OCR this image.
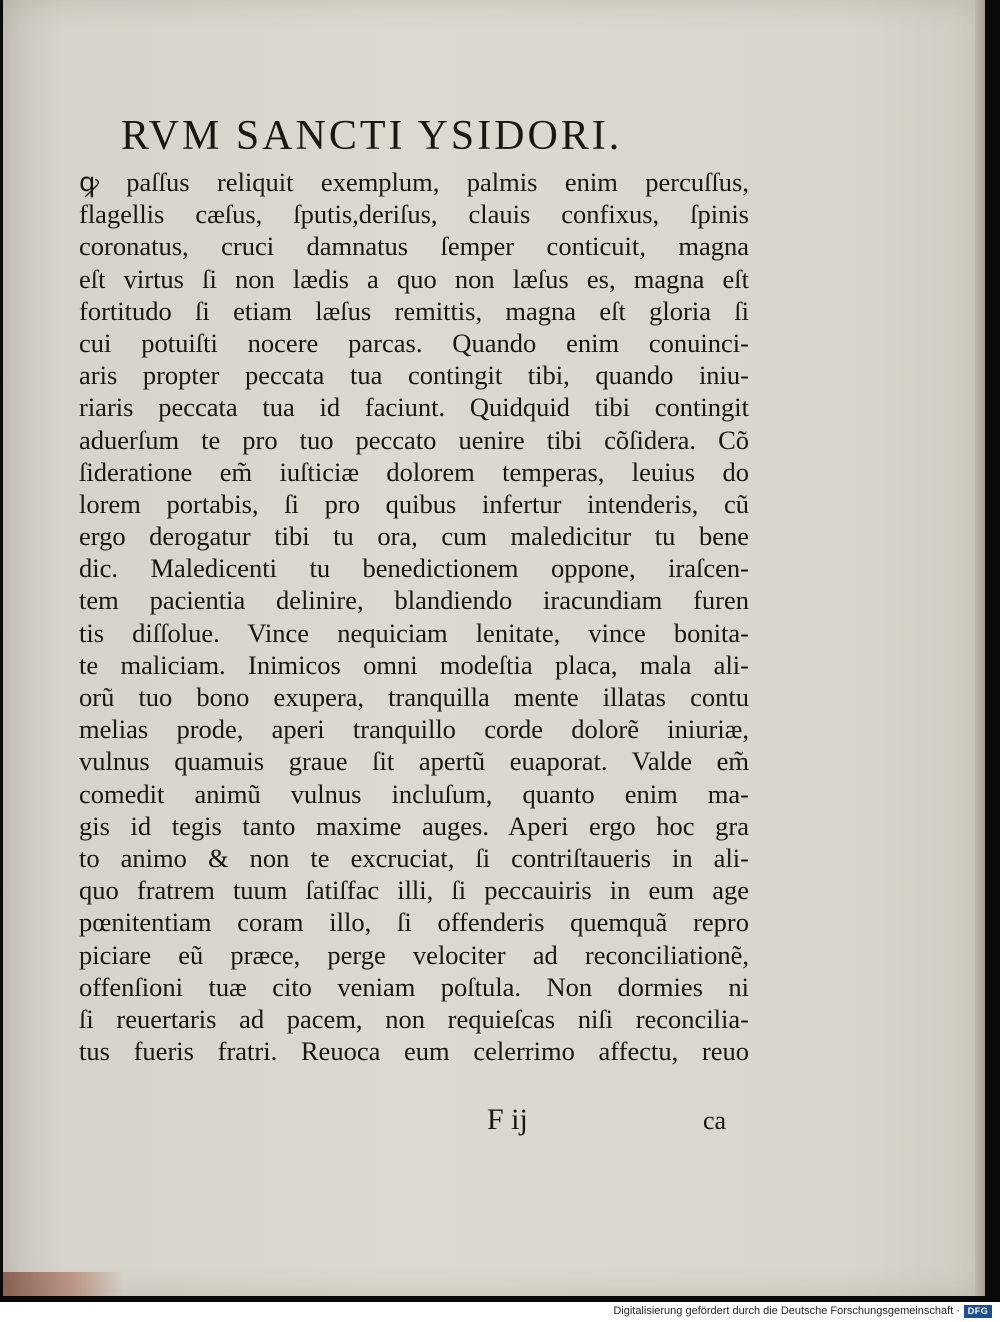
RVM SANCTI YSIDORI.
ꝙ paſſus reliquit exemplum, palmis enim percuſſus,
flagellis cæſus, ſputis,deriſus, clauis confixus, ſpinis
coronatus, cruci damnatus ſemper conticuit, magna
eſt virtus ſi non lædis a quo non læſus es, magna eſt
fortitudo ſi etiam læſus remittis, magna eſt gloria ſi
cui potuiſti nocere parcas. Quando enim conuinci-
aris propter peccata tua contingit tibi, quando iniu-
riaris peccata tua id faciunt. Quidquid tibi contingit
aduerſum te pro tuo peccato uenire tibi cõſidera. Cõ
ſideratione em̃ iuſticiæ dolorem temperas, leuius do
lorem portabis, ſi pro quibus infertur intenderis, cũ
ergo derogatur tibi tu ora, cum maledicitur tu bene
dic. Maledicenti tu benedictionem oppone, iraſcen-
tem pacientia delinire, blandiendo iracundiam furen
tis diſſolue. Vince nequiciam lenitate, vince bonita-
te maliciam. Inimicos omni modeſtia placa, mala ali-
orũ tuo bono exupera, tranquilla mente illatas contu
melias prode, aperi tranquillo corde dolorẽ iniuriæ,
vulnus quamuis graue ſit apertũ euaporat. Valde em̃
comedit animũ vulnus incluſum, quanto enim ma-
gis id tegis tanto maxime auges. Aperi ergo hoc gra
to animo & non te excruciat, ſi contriſtaueris in ali-
quo fratrem tuum ſatiſfac illi, ſi peccauiris in eum age
pœnitentiam coram illo, ſi offenderis quemquã repro
piciare eũ præce, perge velociter ad reconciliationẽ,
offenſioni tuæ cito veniam poſtula. Non dormies ni
ſi reuertaris ad pacem, non requieſcas niſi reconcilia-
tus fueris fratri. Reuoca eum celerrimo affectu, reuo
F ij	ca
Digitalisierung gefördert durch die Deutsche Forschungsgemeinschaft · DFG
